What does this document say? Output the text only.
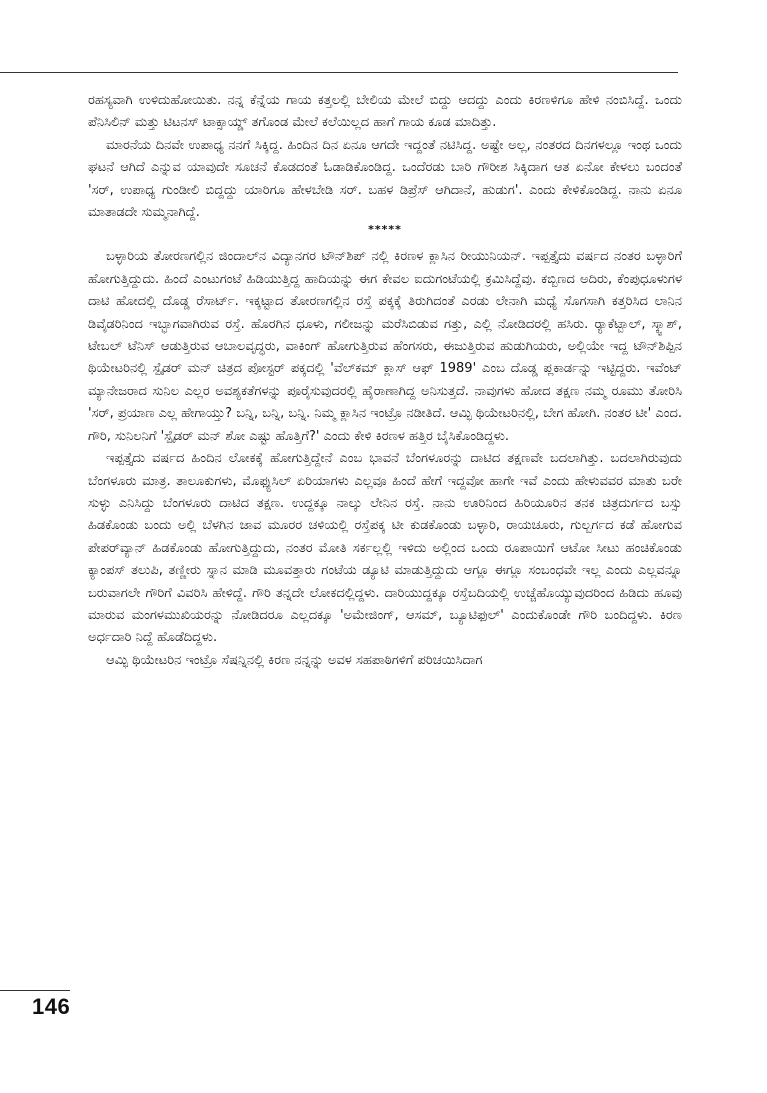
ರಹಸ್ಯವಾಗಿ ಉಳಿದುಹೋಯಿತು. ನನ್ನ ಕೆನ್ನೆಯ ಗಾಯ ಕತ್ತಲಲ್ಲಿ ಬೇಲಿಯ ಮೇಲೆ ಬಿದ್ದು ಆದದ್ದು ಎಂದು ಕಿರಣಳಿಗೂ ಹೇಳಿ ನಂಬಿಸಿದ್ದೆ. ಒಂದು ಪೆನಿಸಿಲಿನ್ ಮತ್ತು ಟಿಟನಸ್ ಟಾಕ್ಸಾಯ್ಡ್ ತಗೊಂಡ ಮೇಲೆ ಕಲೆಯಿಲ್ಲದ ಹಾಗೆ ಗಾಯ ಕೂಡ ಮಾದಿತ್ತು.

ಮಾರನೆಯ ದಿನವೇ ಉಪಾಧ್ಯ ನನಗೆ ಸಿಕ್ಕಿದ್ದ. ಹಿಂದಿನ ದಿನ ಏನೂ ಆಗದೇ ಇದ್ದಂತೆ ನಟಿಸಿದ್ದ. ಅಷ್ಟೇ ಅಲ್ಲ, ನಂತರದ ದಿನಗಳಲ್ಲೂ ಇಂಥ ಒಂದು ಘಟನೆ ಆಗಿದೆ ಎನ್ನುವ ಯಾವುದೇ ಸೂಚನೆ ಕೊಡದಂತೆ ಓಡಾಡಿಕೊಂಡಿದ್ದ. ಒಂದೆರಡು ಬಾರಿ ಗೌರೀಶ ಸಿಕ್ಕಿದಾಗ ಆತ ಏನೋ ಕೇಳಲು ಬಂದಂತೆ 'ಸರ್, ಉಪಾಧ್ಯ ಗುಂಡೀಲಿ ಬಿದ್ದದ್ದು ಯಾರಿಗೂ ಹೇಳಬೇಡಿ ಸರ್. ಬಹಳ ಡಿಪ್ರೆಸ್ ಆಗಿದಾನೆ, ಹುಡುಗ'. ಎಂದು ಕೇಳಿಕೊಂಡಿದ್ದ. ನಾನು ಏನೂ ಮಾತಾಡದೇ ಸುಮ್ಮನಾಗಿದ್ದೆ.

*****

ಬಳ್ಳಾರಿಯ ತೋರಣಗಲ್ಲಿನ ಜಿಂದಾಲ್‌ನ ವಿದ್ಯಾನಗರ ಟೌನ್‌ಶಿಪ್ ನಲ್ಲಿ ಕಿರಣಳ ಕ್ಲಾಸಿನ ರೀಯುನಿಯನ್. ಇಪ್ಪತ್ತೈದು ವರ್ಷದ ನಂತರ ಬಳ್ಳಾರಿಗೆ ಹೋಗುತ್ತಿದ್ದುದು. ಹಿಂದೆ ಎಂಟುಗಂಟೆ ಹಿಡಿಯುತ್ತಿದ್ದ ಹಾದಿಯನ್ನು ಈಗ ಕೇವಲ ಐದುಗಂಟೆಯಲ್ಲಿ ಕ್ರಮಿಸಿದ್ದೆವು. ಕಬ್ಬಿಣದ ಅದಿರು, ಕೆಂಪುಧೂಳುಗಳ ದಾಟಿ ಹೋದಲ್ಲಿ ದೊಡ್ಡ ರೆಸಾರ್ಟ್. ಇಕ್ಕಟ್ಟಾದ ತೋರಣಗಲ್ಲಿನ ರಸ್ತೆ ಪಕ್ಕಕ್ಕೆ ತಿರುಗಿದಂತೆ ಎರಡು ಲೇನಾಗಿ ಮಧ್ಯೆ ಸೊಗಸಾಗಿ ಕತ್ತರಿಸಿದ ಲಾನಿನ ಡಿವೈಡರಿನಿಂದ ಇಬ್ಭಾಗವಾಗಿರುವ ರಸ್ತೆ. ಹೊರಗಿನ ಧೂಳು, ಗಲೀಜನ್ನು ಮರೆಸಿಬಿಡುವ ಗತ್ತು, ಎಲ್ಲಿ ನೋಡಿದರಲ್ಲಿ ಹಸಿರು. ರ್‍ಯಾಕೆಟ್ಬಾಲ್, ಸ್ಕ್ವಾಶ್, ಟೇಬಲ್ ಟೆನಿಸ್ ಆಡುತ್ತಿರುವ ಆಬಾಲವೃದ್ಧರು, ವಾಕಿಂಗ್ ಹೋಗುತ್ತಿರುವ ಹೆಂಗಸರು, ಈಜುತ್ತಿರುವ ಹುಡುಗಿಯರು, ಅಲ್ಲಿಯೇ ಇದ್ದ ಟೌನ್‌ಶಿಪ್ಪಿನ ಥಿಯೇಟರಿನಲ್ಲಿ ಸ್ಪೈಡರ್ ಮನ್ ಚಿತ್ರದ ಪೋಸ್ಟರ್ ಪಕ್ಕದಲ್ಲಿ 'ವೆಲ್‌ಕಮ್ ಕ್ಲಾಸ್ ಆಫ್ 1989' ಎಂಬ ದೊಡ್ಡ ಪ್ಲಕಾರ್ಡನ್ನು ಇಟ್ಟಿದ್ದರು. ಇವೆಂಟ್ ಮ್ಯಾನೇಜರಾದ ಸುನಿಲ ಎಲ್ಲರ ಅವಶ್ಯಕತೆಗಳನ್ನು ಪೂರೈಸುವುದರಲ್ಲಿ ಹೈರಾಣಾಗಿದ್ದ ಅನಿಸುತ್ತದೆ. ನಾವುಗಳು ಹೋದ ತಕ್ಷಣ ನಮ್ಮ ರೂಮು ತೋರಿಸಿ 'ಸರ್, ಪ್ರಯಾಣ ಎಲ್ಲ ಹೇಗಾಯ್ತು? ಬನ್ನಿ, ಬನ್ನಿ, ಬನ್ನಿ. ನಿಮ್ಮ ಕ್ಲಾಸಿನ ಇಂಟ್ರೊ ನಡೀತಿದೆ. ಆಮ್ಫಿ ಥಿಯೇಟರಿನಲ್ಲಿ, ಬೇಗ ಹೋಗಿ. ನಂತರ ಟೀ' ಎಂದ. ಗೌರಿ, ಸುನಿಲನಿಗೆ 'ಸ್ಪೈಡರ್ ಮನ್ ಶೋ ಎಷ್ಟು ಹೊತ್ತಿಗೆ?' ಎಂದು ಕೇಳಿ ಕಿರಣಳ ಹತ್ತಿರ ಬೈಸಿಕೊಂಡಿದ್ದಳು.

ಇಪ್ಪತ್ತೈದು ವರ್ಷದ ಹಿಂದಿನ ಲೋಕಕ್ಕೆ ಹೋಗುತ್ತಿದ್ದೇನೆ ಎಂಬ ಭಾವನೆ ಬೆಂಗಳೂರನ್ನು ದಾಟಿದ ತಕ್ಷಣವೇ ಬದಲಾಗಿತ್ತು. ಬದಲಾಗಿರುವುದು ಬೆಂಗಳೂರು ಮಾತ್ರ. ತಾಲೂಕುಗಳು, ಮೊಫ್ಯುಸಿಲ್ ಏರಿಯಾಗಳು ಎಲ್ಲವೂ ಹಿಂದೆ ಹೇಗೆ ಇದ್ದವೋ ಹಾಗೇ ಇವೆ ಎಂದು ಹೇಳುವವರ ಮಾತು ಬರೇ ಸುಳ್ಳು ಎನಿಸಿದ್ದು ಬೆಂಗಳೂರು ದಾಟಿದ ತಕ್ಷಣ. ಉದ್ದಕ್ಕೂ ನಾಲ್ಕು ಲೇನಿನ ರಸ್ತೆ. ನಾನು ಊರಿನಿಂದ ಹಿರಿಯೂರಿನ ತನಕ ಚಿತ್ರದುರ್ಗದ ಬಸ್ಸು ಹಿಡಕೊಂಡು ಬಂದು ಅಲ್ಲಿ ಬೆಳಗಿನ ಜಾವ ಮೂರರ ಚಳಿಯಲ್ಲಿ ರಸ್ತೆಪಕ್ಕ ಟೀ ಕುಡಕೊಂಡು ಬಳ್ಳಾರಿ, ರಾಯಚೂರು, ಗುಲ್ಬರ್ಗದ ಕಡೆ ಹೋಗುವ ಪೇಪರ್‌ವ್ಯಾನ್ ಹಿಡಕೊಂಡು ಹೋಗುತ್ತಿದ್ದುದು, ನಂತರ ಮೋತಿ ಸರ್ಕಲ್ಲಲ್ಲಿ ಇಳಿದು ಅಲ್ಲಿಂದ ಒಂದು ರೂಪಾಯಿಗೆ ಆಟೋ ಸೀಟು ಹಂಚಿಕೊಂಡು ಕ್ಯಾಂಪಸ್ ತಲುಪಿ, ತಣ್ಣೀರು ಸ್ನಾನ ಮಾಡಿ ಮೂವತ್ತಾರು ಗಂಟೆಯ ಡ್ಯೂಟಿ ಮಾಡುತ್ತಿದ್ದುದು ಆಗ್ಲೂ ಈಗ್ಲೂ ಸಂಬಂಧವೇ ಇಲ್ಲ ಎಂದು ಎಲ್ಲವನ್ನೂ ಬರುವಾಗಲೇ ಗೌರಿಗೆ ವಿವರಿಸಿ ಹೇಳಿದ್ದೆ. ಗೌರಿ ತನ್ನದೇ ಲೋಕದಲ್ಲಿದ್ದಳು. ದಾರಿಯುದ್ದಕ್ಕೂ ರಸ್ತೆಬದಿಯಲ್ಲಿ ಉಚ್ಚೆಹೊಯ್ಯುವುದರಿಂದ ಹಿಡಿದು ಹೂವು ಮಾರುವ ಮಂಗಳಮುಖಿಯರನ್ನು ನೋಡಿದರೂ ಎಲ್ಲದಕ್ಕೂ 'ಅಮೇಜಿಂಗ್, ಆಸಮ್, ಬ್ಯೂಟಿಫುಲ್' ಎಂದುಕೊಂಡೇ ಗೌರಿ ಬಂದಿದ್ದಳು. ಕಿರಣ ಅರ್ಧದಾರಿ ನಿದ್ದೆ ಹೊಡೆದಿದ್ದಳು.

ಆಮ್ಫಿ ಥಿಯೇಟರಿನ ಇಂಟ್ರೊ ಸೆಷನ್ನಿನಲ್ಲಿ ಕಿರಣ ನನ್ನನ್ನು ಅವಳ ಸಹಪಾಠಿಗಳಿಗೆ ಪರಿಚಯಿಸಿದಾಗ

146
